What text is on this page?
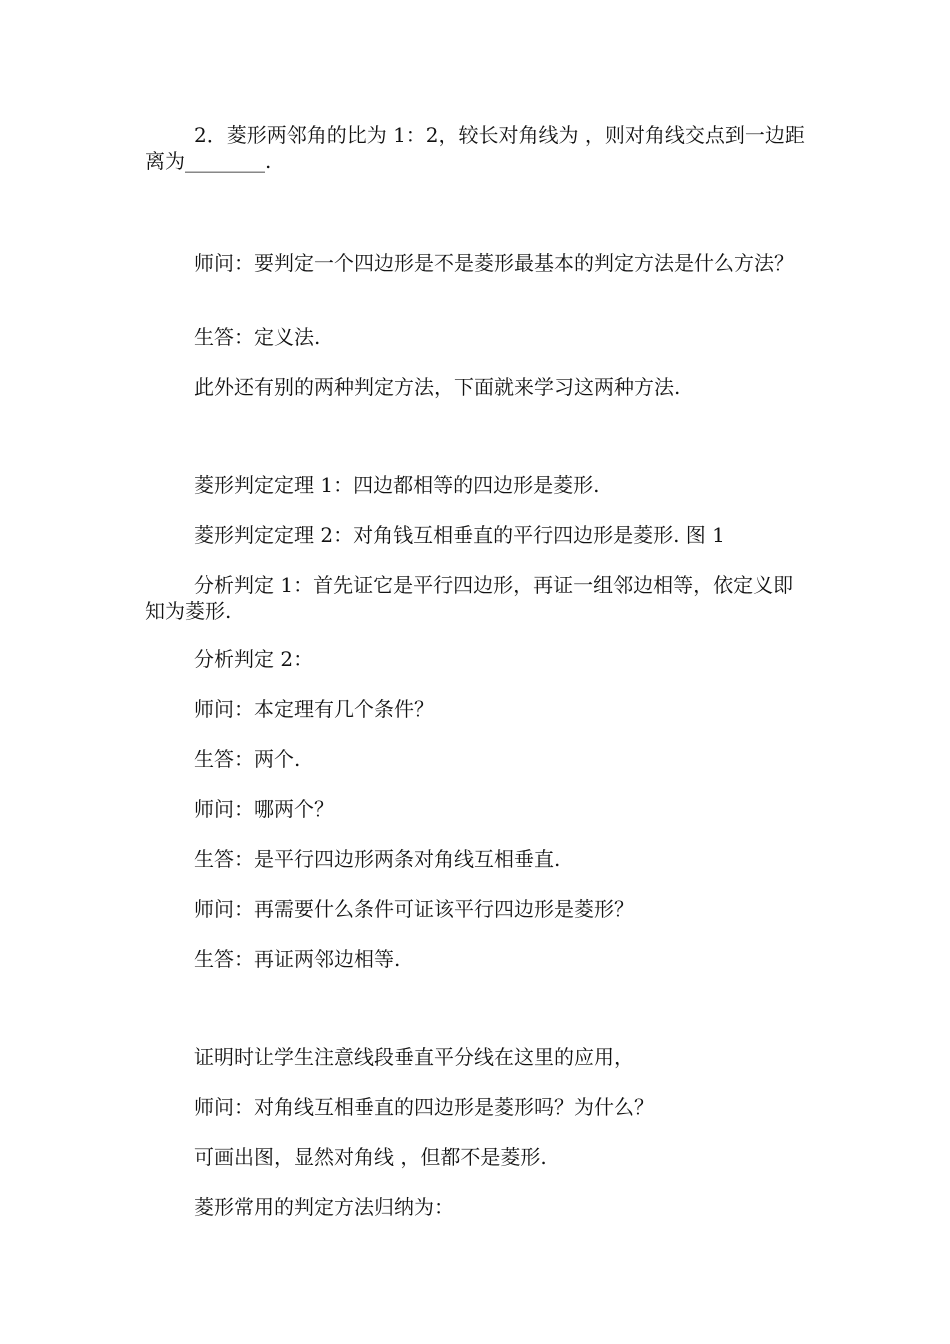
2．菱形两邻角的比为 1：2，较长对角线为 ，则对角线交点到一边距离为________.

师问：要判定一个四边形是不是菱形最基本的判定方法是什么方法？

生答：定义法.

此外还有别的两种判定方法，下面就来学习这两种方法.

菱形判定定理 1：四边都相等的四边形是菱形.

菱形判定定理 2：对角钱互相垂直的平行四边形是菱形. 图 1

分析判定 1：首先证它是平行四边形，再证一组邻边相等，依定义即知为菱形.

分析判定 2：

师问：本定理有几个条件？

生答：两个.

师问：哪两个？

生答：是平行四边形两条对角线互相垂直.

师问：再需要什么条件可证该平行四边形是菱形？

生答：再证两邻边相等.

证明时让学生注意线段垂直平分线在这里的应用，

师问：对角线互相垂直的四边形是菱形吗？为什么？

可画出图，显然对角线 ，但都不是菱形.

菱形常用的判定方法归纳为：
